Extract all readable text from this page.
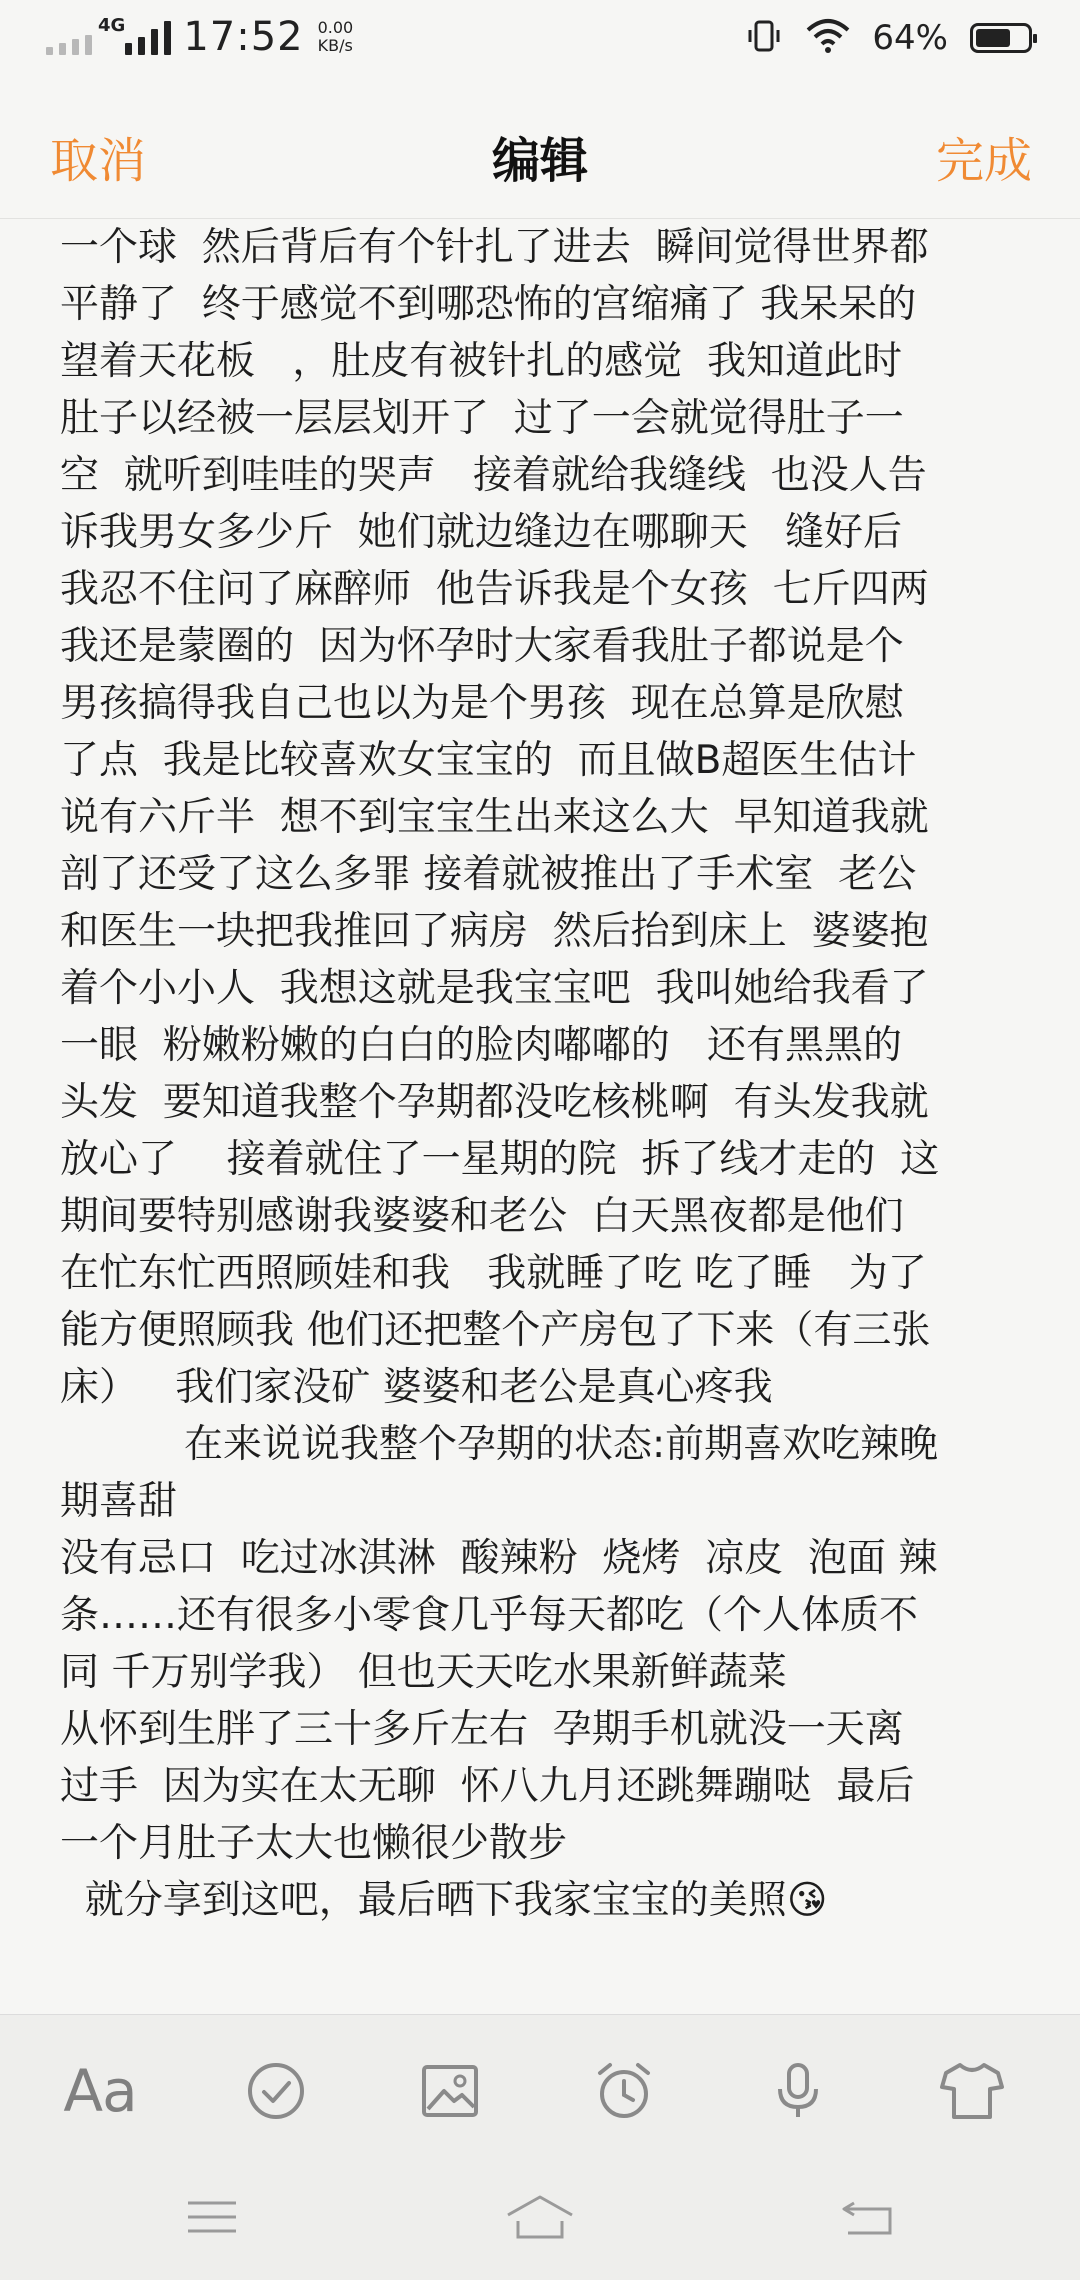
4G 17:52 0.00
KB/s	64%
取消	编辑	完成
一个球  然后背后有个针扎了进去  瞬间觉得世界都
平静了  终于感觉不到哪恐怖的宫缩痛了 我呆呆的
望着天花板   ，肚皮有被针扎的感觉  我知道此时
肚子以经被一层层划开了  过了一会就觉得肚子一
空  就听到哇哇的哭声   接着就给我缝线  也没人告
诉我男女多少斤  她们就边缝边在哪聊天   缝好后
我忍不住问了麻醉师  他告诉我是个女孩  七斤四两
我还是蒙圈的  因为怀孕时大家看我肚子都说是个
男孩搞得我自己也以为是个男孩  现在总算是欣慰
了点  我是比较喜欢女宝宝的  而且做B超医生估计
说有六斤半  想不到宝宝生出来这么大  早知道我就
剖了还受了这么多罪 接着就被推出了手术室  老公
和医生一块把我推回了病房  然后抬到床上  婆婆抱
着个小小人  我想这就是我宝宝吧  我叫她给我看了
一眼  粉嫩粉嫩的白白的脸肉嘟嘟的   还有黑黑的
头发  要知道我整个孕期都没吃核桃啊  有头发我就
放心了    接着就住了一星期的院  拆了线才走的  这
期间要特别感谢我婆婆和老公  白天黑夜都是他们
在忙东忙西照顾娃和我   我就睡了吃 吃了睡   为了
能方便照顾我 他们还把整个产房包了下来（有三张
床）   我们家没矿 婆婆和老公是真心疼我
在来说说我整个孕期的状态:前期喜欢吃辣晚
期喜甜
没有忌口  吃过冰淇淋  酸辣粉  烧烤  凉皮  泡面 辣
条……还有很多小零食几乎每天都吃（个人体质不
同 千万别学我） 但也天天吃水果新鲜蔬菜
从怀到生胖了三十多斤左右  孕期手机就没一天离
过手  因为实在太无聊  怀八九月还跳舞蹦哒  最后
一个月肚子太大也懒很少散步
就分享到这吧，最后晒下我家宝宝的美照😘
Aa
